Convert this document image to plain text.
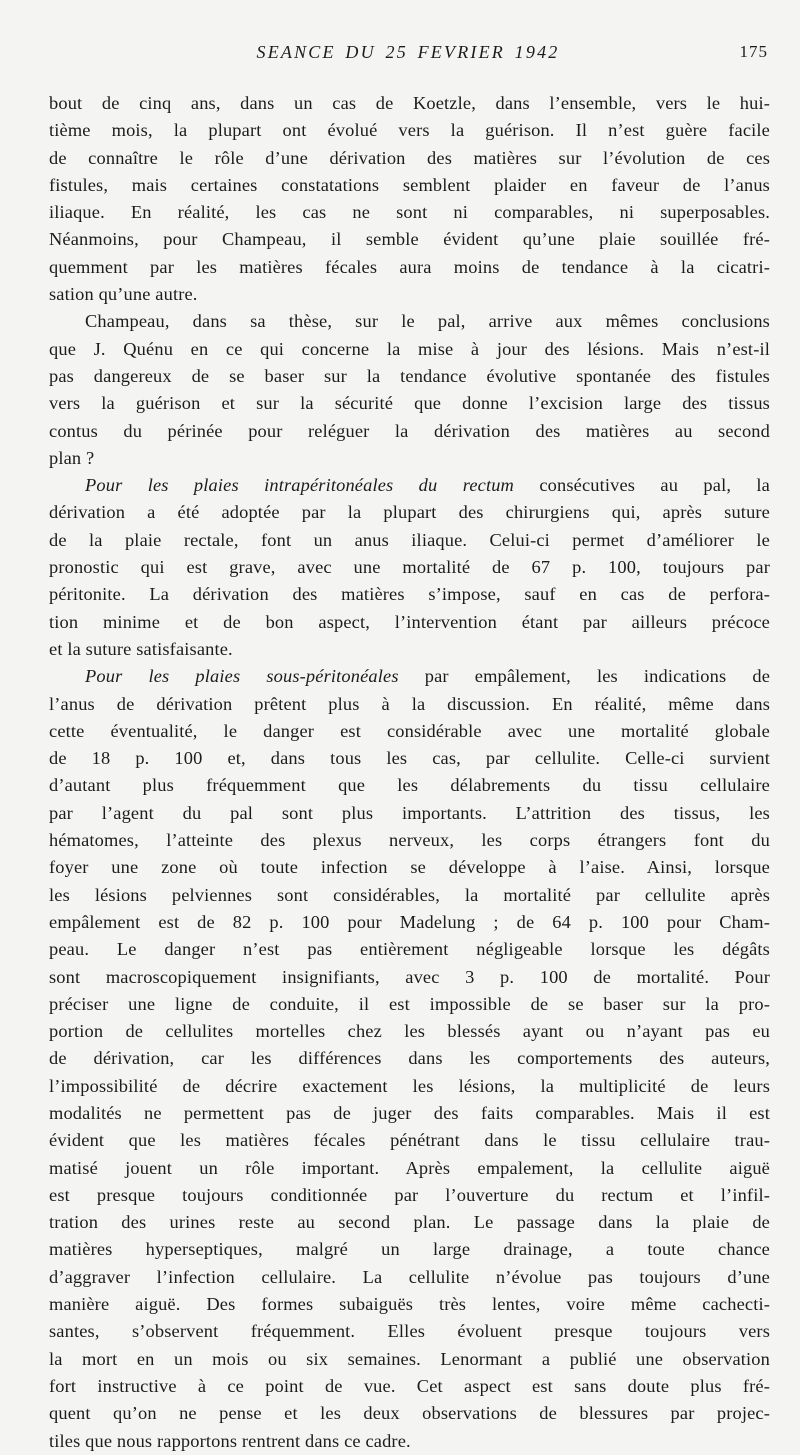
SEANCE DU 25 FEVRIER 1942	175
bout de cinq ans, dans un cas de Koetzle, dans l’ensemble, vers le hui-
tième mois, la plupart ont évolué vers la guérison. Il n’est guère facile
de connaître le rôle d’une dérivation des matières sur l’évolution de ces
fistules, mais certaines constatations semblent plaider en faveur de l’anus
iliaque. En réalité, les cas ne sont ni comparables, ni superposables.
Néanmoins, pour Champeau, il semble évident qu’une plaie souillée fré-
quemment par les matières fécales aura moins de tendance à la cicatri-
sation qu’une autre.
Champeau, dans sa thèse, sur le pal, arrive aux mêmes conclusions
que J. Quénu en ce qui concerne la mise à jour des lésions. Mais n’est-il
pas dangereux de se baser sur la tendance évolutive spontanée des fistules
vers la guérison et sur la sécurité que donne l’excision large des tissus
contus du périnée pour reléguer la dérivation des matières au second
plan ?
Pour les plaies intrapéritonéales du rectum consécutives au pal, la
dérivation a été adoptée par la plupart des chirurgiens qui, après suture
de la plaie rectale, font un anus iliaque. Celui-ci permet d’améliorer le
pronostic qui est grave, avec une mortalité de 67 p. 100, toujours par
péritonite. La dérivation des matières s’impose, sauf en cas de perfora-
tion minime et de bon aspect, l’intervention étant par ailleurs précoce
et la suture satisfaisante.
Pour les plaies sous-péritonéales par empâlement, les indications de
l’anus de dérivation prêtent plus à la discussion. En réalité, même dans
cette éventualité, le danger est considérable avec une mortalité globale
de 18 p. 100 et, dans tous les cas, par cellulite. Celle-ci survient
d’autant plus fréquemment que les délabrements du tissu cellulaire
par l’agent du pal sont plus importants. L’attrition des tissus, les
hématomes, l’atteinte des plexus nerveux, les corps étrangers font du
foyer une zone où toute infection se développe à l’aise. Ainsi, lorsque
les lésions pelviennes sont considérables, la mortalité par cellulite après
empâlement est de 82 p. 100 pour Madelung ; de 64 p. 100 pour Cham-
peau. Le danger n’est pas entièrement négligeable lorsque les dégâts
sont macroscopiquement insignifiants, avec 3 p. 100 de mortalité. Pour
préciser une ligne de conduite, il est impossible de se baser sur la pro-
portion de cellulites mortelles chez les blessés ayant ou n’ayant pas eu
de dérivation, car les différences dans les comportements des auteurs,
l’impossibilité de décrire exactement les lésions, la multiplicité de leurs
modalités ne permettent pas de juger des faits comparables. Mais il est
évident que les matières fécales pénétrant dans le tissu cellulaire trau-
matisé jouent un rôle important. Après empalement, la cellulite aiguë
est presque toujours conditionnée par l’ouverture du rectum et l’infil-
tration des urines reste au second plan. Le passage dans la plaie de
matières hyperseptiques, malgré un large drainage, a toute chance
d’aggraver l’infection cellulaire. La cellulite n’évolue pas toujours d’une
manière aiguë. Des formes subaiguës très lentes, voire même cachecti-
santes, s’observent fréquemment. Elles évoluent presque toujours vers
la mort en un mois ou six semaines. Lenormant a publié une observation
fort instructive à ce point de vue. Cet aspect est sans doute plus fré-
quent qu’on ne pense et les deux observations de blessures par projec-
tiles que nous rapportons rentrent dans ce cadre.
